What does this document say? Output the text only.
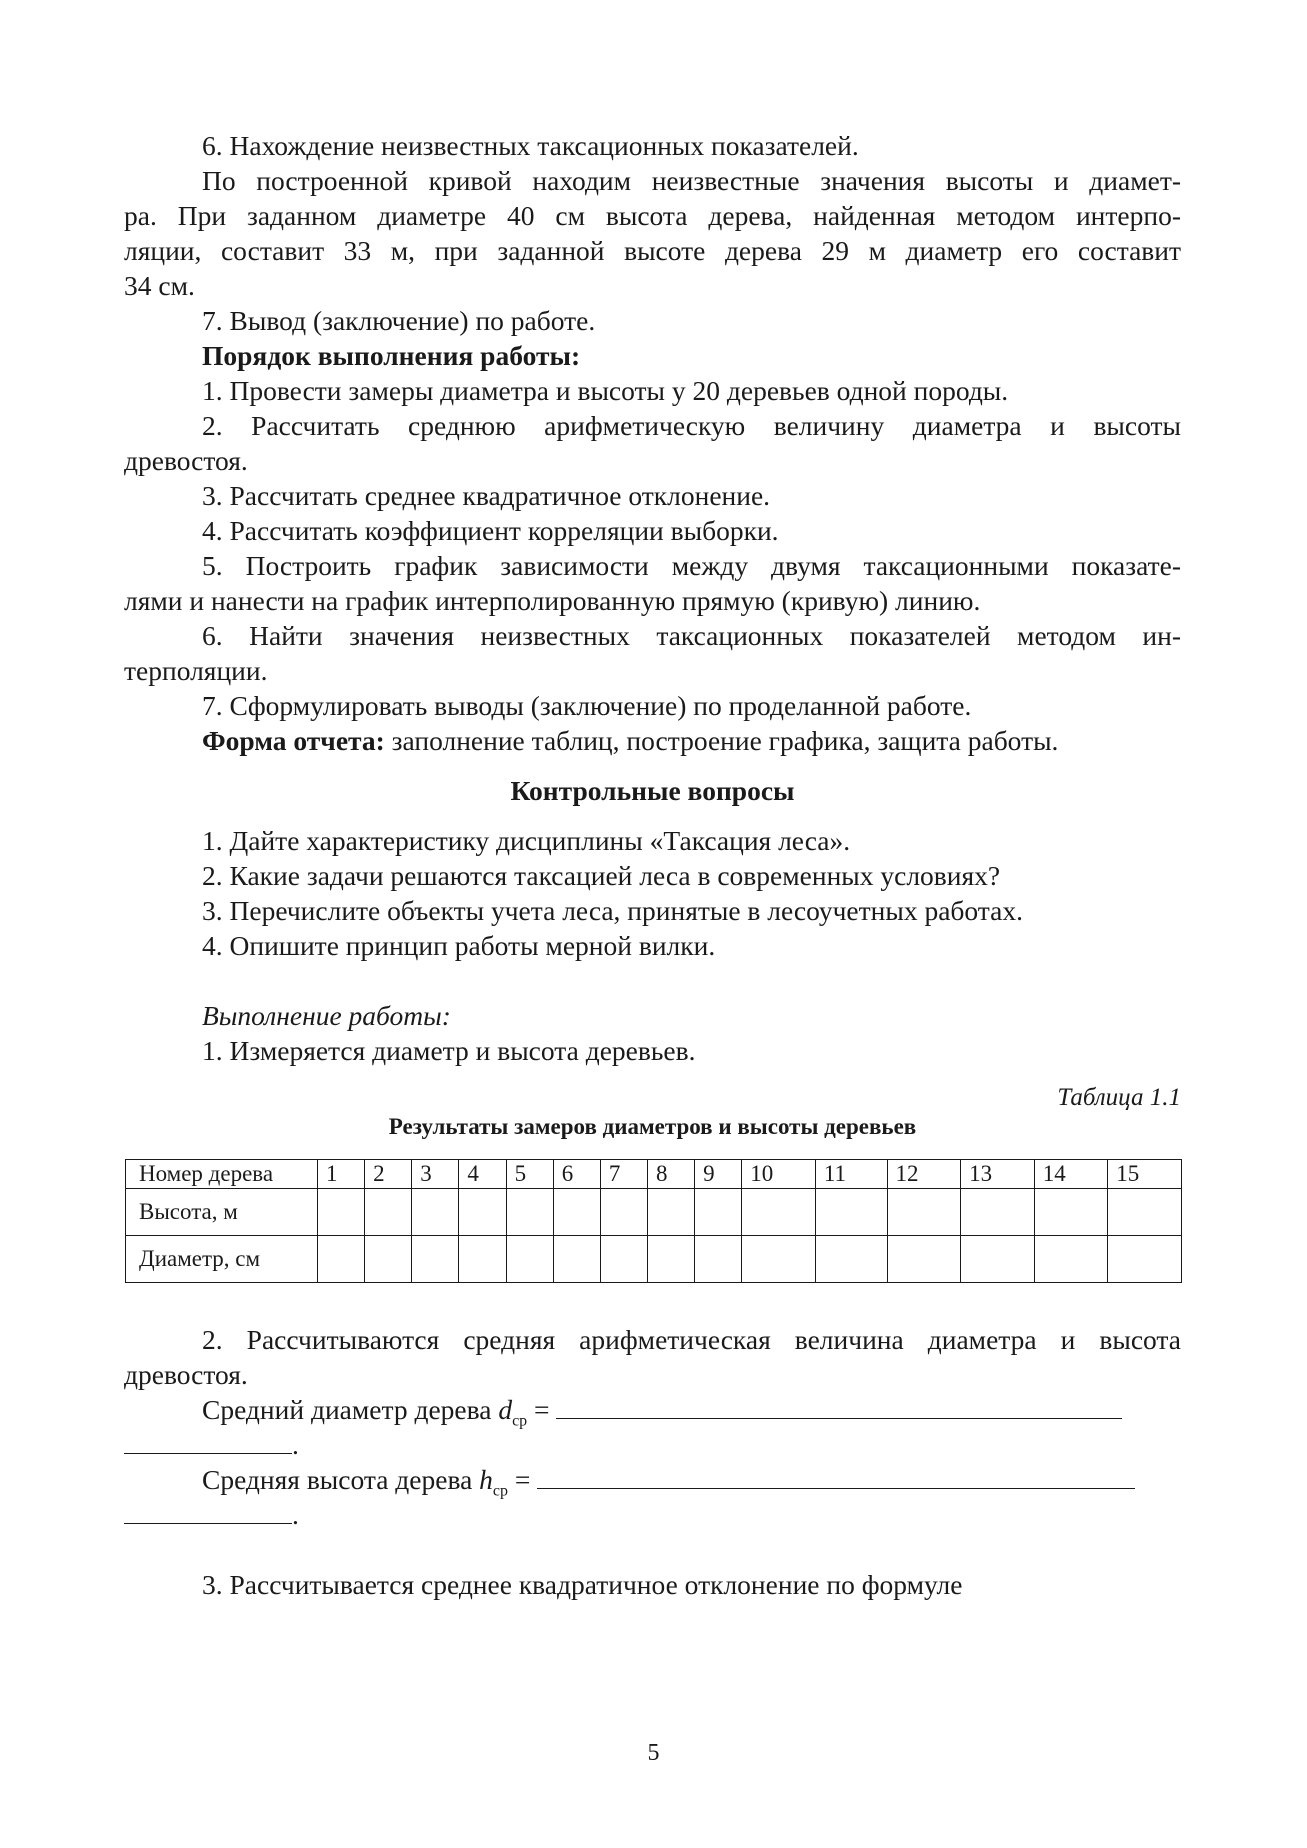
6. Нахождение неизвестных таксационных показателей.
По построенной кривой находим неизвестные значения высоты и диамет-
ра. При заданном диаметре 40 см высота дерева, найденная методом интерпо-
ляции, составит 33 м, при заданной высоте дерева 29 м диаметр его составит
34 см.
7. Вывод (заключение) по работе.
Порядок выполнения работы:
1. Провести замеры диаметра и высоты у 20 деревьев одной породы.
2. Рассчитать среднюю арифметическую величину диаметра и высоты
древостоя.
3. Рассчитать среднее квадратичное отклонение.
4. Рассчитать коэффициент корреляции выборки.
5. Построить график зависимости между двумя таксационными показате-
лями и нанести на график интерполированную прямую (кривую) линию.
6. Найти значения неизвестных таксационных показателей методом ин-
терполяции.
7. Сформулировать выводы (заключение) по проделанной работе.
Форма отчета: заполнение таблиц, построение графика, защита работы.
Контрольные вопросы
1. Дайте характеристику дисциплины «Таксация леса».
2. Какие задачи решаются таксацией леса в современных условиях?
3. Перечислите объекты учета леса, принятые в лесоучетных работах.
4. Опишите принцип работы мерной вилки.
Выполнение работы:
1. Измеряется диаметр и высота деревьев.
Таблица 1.1
Результаты замеров диаметров и высоты деревьев
Номер дерева	1	2	3	4	5	6	7	8	9	10	11	12	13	14	15
Высота, м															
Диаметр, см															
2. Рассчитываются средняя арифметическая величина диаметра и высота
древостоя.
Средний диаметр дерева $d_{ср}$ =
.
Средняя высота дерева $h_{ср}$ =
.
3. Рассчитывается среднее квадратичное отклонение по формуле
5
